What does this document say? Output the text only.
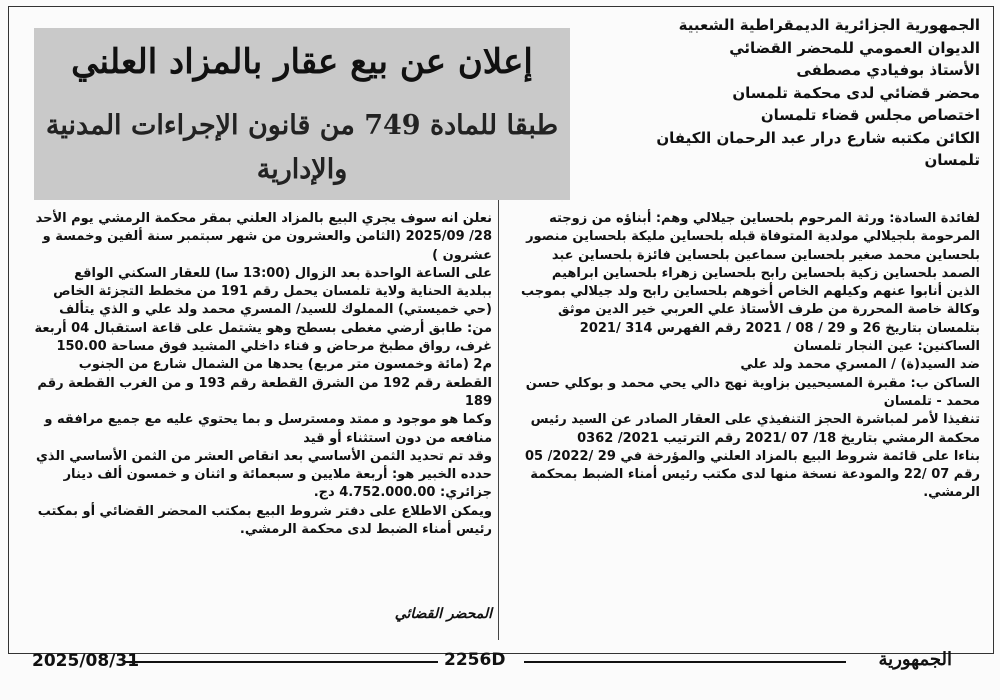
الجمهورية الجزائرية الديمقراطية الشعبية
الديوان العمومي للمحضر القضائي
الأستاذ بوفيادي مصطفى
محضر قضائي لدى محكمة تلمسان
اختصاص مجلس قضاء تلمسان
الكائن مكتبه شارع درار عبد الرحمان الكيفان
تلمسان
إعلان عن بيع عقار بالمزاد العلني
طبقا للمادة 749 من قانون الإجراءات المدنية والإدارية

لفائدة السادة: ورثة المرحوم بلحساين جيلالي وهم: أبناؤه من زوجته المرحومة بلجيلالي مولدية المتوفاة قبله بلحساين مليكة بلحساين منصور بلحساين محمد صغير بلحساين سماعين بلحساين فائزة بلحساين عبد الصمد بلحساين زكية بلحساين رابح بلحساين زهراء بلحساين ابراهيم

الذين أنابوا عنهم وكيلهم الخاص أخوهم بلحساين رابح ولد جيلالي بموجب وكالة خاصة المحررة من طرف الأستاذ علي العربي خير الدين موثق بتلمسان بتاريخ 26 و 29 / 08 / 2021 رقم الفهرس 314 /2021

الساكنين: عين النجار تلمسان

ضد السيد(ة) / المسري محمد ولد علي

الساكن ب: مقبرة المسيحيين بزاوية نهج دالي يحي محمد و بوكلي حسن محمد - تلمسان

تنفيذا لأمر لمباشرة الحجز التنفيذي على العقار الصادر عن السيد رئيس محكمة الرمشي بتاريخ 18/ 07 /2021 رقم الترتيب 2021/ 0362

بناءا على قائمة شروط البيع بالمزاد العلني والمؤرخة في 29 /2022/ 05 رقم 07 /22 والمودعة نسخة منها لدى مكتب رئيس أمناء الضبط بمحكمة الرمشي.

نعلن انه سوف يجري البيع بالمزاد العلني بمقر محكمة الرمشي يوم الأحد 28/ 2025/09 (الثامن والعشرون من شهر سبتمبر سنة ألفين وخمسة و عشرون )

على الساعة الواحدة بعد الزوال (13:00 سا) للعقار السكني الواقع ببلدية الحناية ولاية تلمسان يحمل رقم 191 من مخطط التجزئة الخاص (حي خميستي) المملوك للسيد/ المسري محمد ولد علي و الذي يتألف من: طابق أرضي مغطى بسطح وهو يشتمل على قاعة استقبال 04 أربعة غرف، رواق مطبخ مرحاض و فناء داخلي المشيد فوق مساحة 150.00 م2 (مائة وخمسون متر مربع) يحدها من الشمال شارع من الجنوب القطعة رقم 192 من الشرق القطعة رقم 193 و من الغرب القطعة رقم 189

وكما هو موجود و ممتد ومسترسل و بما يحتوي عليه مع جميع مرافقه و منافعه من دون استثناء أو قيد

وقد تم تحديد الثمن الأساسي بعد انقاص العشر من الثمن الأساسي الذي حدده الخبير هو: أربعة ملايين و سبعمائة و اثنان و خمسون ألف دينار جزائري: 4.752.000.00 دج.

ويمكن الاطلاع على دفتر شروط البيع بمكتب المحضر القضائي أو بمكتب رئيس أمناء الضبط لدى محكمة الرمشي.

المحضر القضائي
2025/08/31	2256D	الجمهورية
